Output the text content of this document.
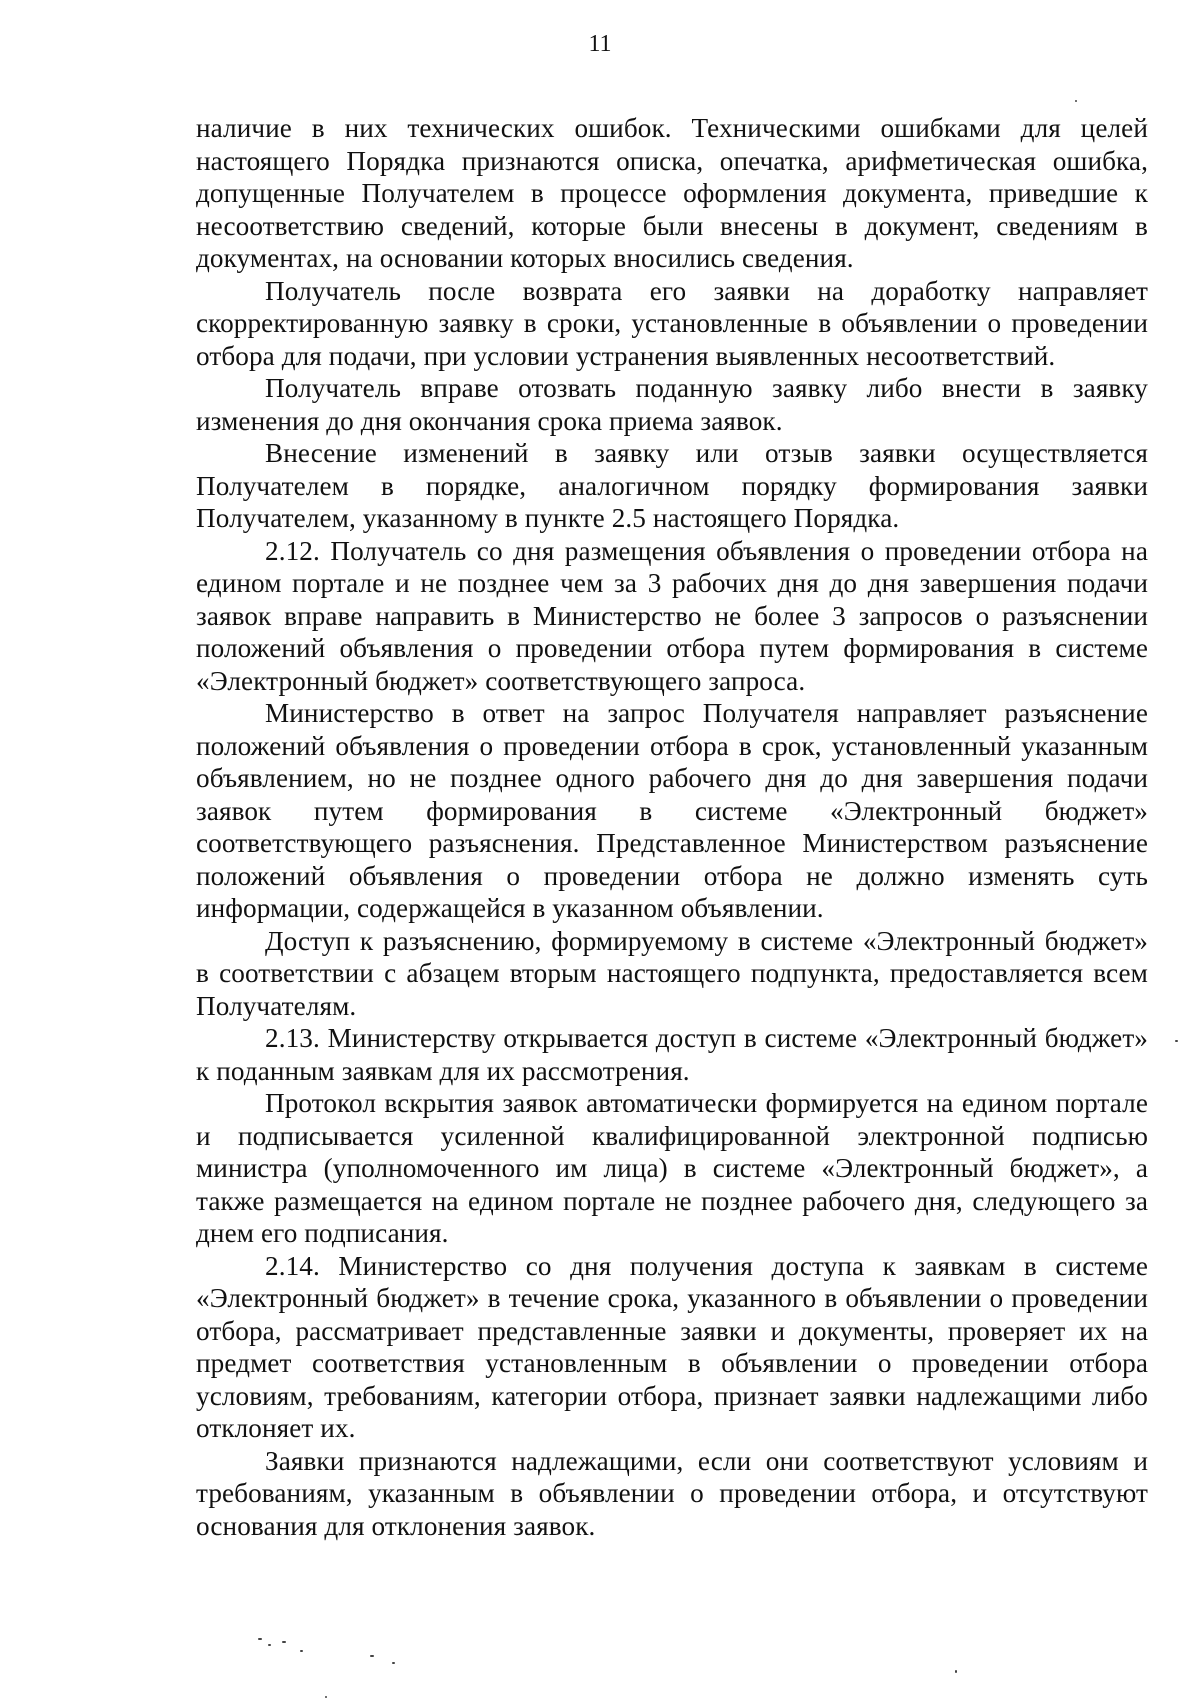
11

наличие в них технических ошибок. Техническими ошибками для целей настоящего Порядка признаются описка, опечатка, арифметическая ошибка, допущенные Получателем в процессе оформления документа, приведшие к несоответствию сведений, которые были внесены в документ, сведениям в документах, на основании которых вносились сведения.

Получатель после возврата его заявки на доработку направляет скорректированную заявку в сроки, установленные в объявлении о проведении отбора для подачи, при условии устранения выявленных несоответствий.

Получатель вправе отозвать поданную заявку либо внести в заявку изменения до дня окончания срока приема заявок.

Внесение изменений в заявку или отзыв заявки осуществляется Получателем в порядке, аналогичном порядку формирования заявки Получателем, указанному в пункте 2.5 настоящего Порядка.

2.12. Получатель со дня размещения объявления о проведении отбора на едином портале и не позднее чем за 3 рабочих дня до дня завершения подачи заявок вправе направить в Министерство не более 3 запросов о разъяснении положений объявления о проведении отбора путем формирования в системе «Электронный бюджет» соответствующего запроса.

Министерство в ответ на запрос Получателя направляет разъяснение положений объявления о проведении отбора в срок, установленный указанным объявлением, но не позднее одного рабочего дня до дня завершения подачи заявок путем формирования в системе «Электронный бюджет» соответствующего разъяснения. Представленное Министерством разъяснение положений объявления о проведении отбора не должно изменять суть информации, содержащейся в указанном объявлении.

Доступ к разъяснению, формируемому в системе «Электронный бюджет» в соответствии с абзацем вторым настоящего подпункта, предоставляется всем Получателям.

2.13. Министерству открывается доступ в системе «Электронный бюджет» к поданным заявкам для их рассмотрения.

Протокол вскрытия заявок автоматически формируется на едином портале и подписывается усиленной квалифицированной электронной подписью министра (уполномоченного им лица) в системе «Электронный бюджет», а также размещается на едином портале не позднее рабочего дня, следующего за днем его подписания.

2.14. Министерство со дня получения доступа к заявкам в системе «Электронный бюджет» в течение срока, указанного в объявлении о проведении отбора, рассматривает представленные заявки и документы, проверяет их на предмет соответствия установленным в объявлении о проведении отбора условиям, требованиям, категории отбора, признает заявки надлежащими либо отклоняет их.

Заявки признаются надлежащими, если они соответствуют условиям и требованиям, указанным в объявлении о проведении отбора, и отсутствуют основания для отклонения заявок.
